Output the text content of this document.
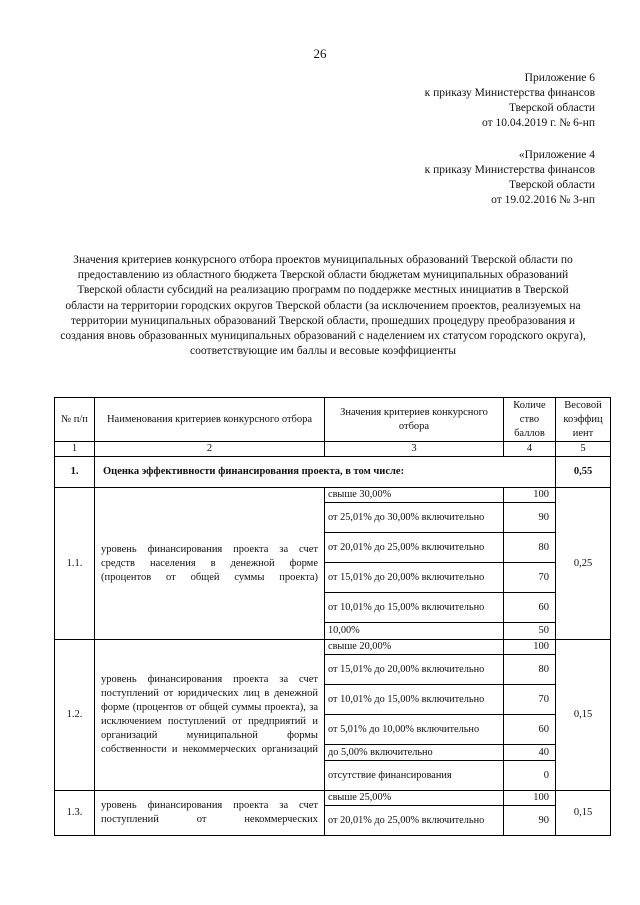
26
Приложение 6
к приказу Министерства финансов
Тверской области
от 10.04.2019 г. № 6-нп
«Приложение 4
к приказу Министерства финансов
Тверской области
от 19.02.2016 № 3-нп
Значения критериев конкурсного отбора проектов муниципальных образований Тверской области по предоставлению из областного бюджета Тверской области бюджетам муниципальных образований Тверской области субсидий на реализацию программ по поддержке местных инициатив в Тверской области на территории городских округов Тверской области (за исключением проектов, реализуемых на территории муниципальных образований Тверской области, прошедших процедуру преобразования и создания вновь образованных муниципальных образований с наделением их статусом городского округа), соответствующие им баллы и весовые коэффициенты
№ п/п	Наименования критериев конкурсного отбора	Значения критериев конкурсного отбора	Количе ство баллов	Весовой коэффиц иент
1	2	3	4	5
1.	Оценка эффективности финансирования проекта, в том числе:			0,55
1.1.	уровень финансирования проекта за счет средств населения в денежной форме (процентов от общей суммы проекта)	свыше 30,00%	100	0,25
		от 25,01% до 30,00% включительно	90	
		от 20,01% до 25,00% включительно	80	
		от 15,01% до 20,00% включительно	70	
		от 10,01% до 15,00% включительно	60	
		10,00%	50	
1.2.	уровень финансирования проекта за счет поступлений от юридических лиц в денежной форме (процентов от общей суммы проекта), за исключением поступлений от предприятий и организаций муниципальной формы собственности и некоммерческих организаций	свыше 20,00%	100	0,15
		от 15,01% до 20,00% включительно	80	
		от 10,01% до 15,00% включительно	70	
		от 5,01% до 10,00% включительно	60	
		до 5,00% включительно	40	
		отсутствие финансирования	0	
1.3.	уровень финансирования проекта за счет поступлений от некоммерческих	свыше 25,00%	100	0,15
		от 20,01% до 25,00% включительно	90	
